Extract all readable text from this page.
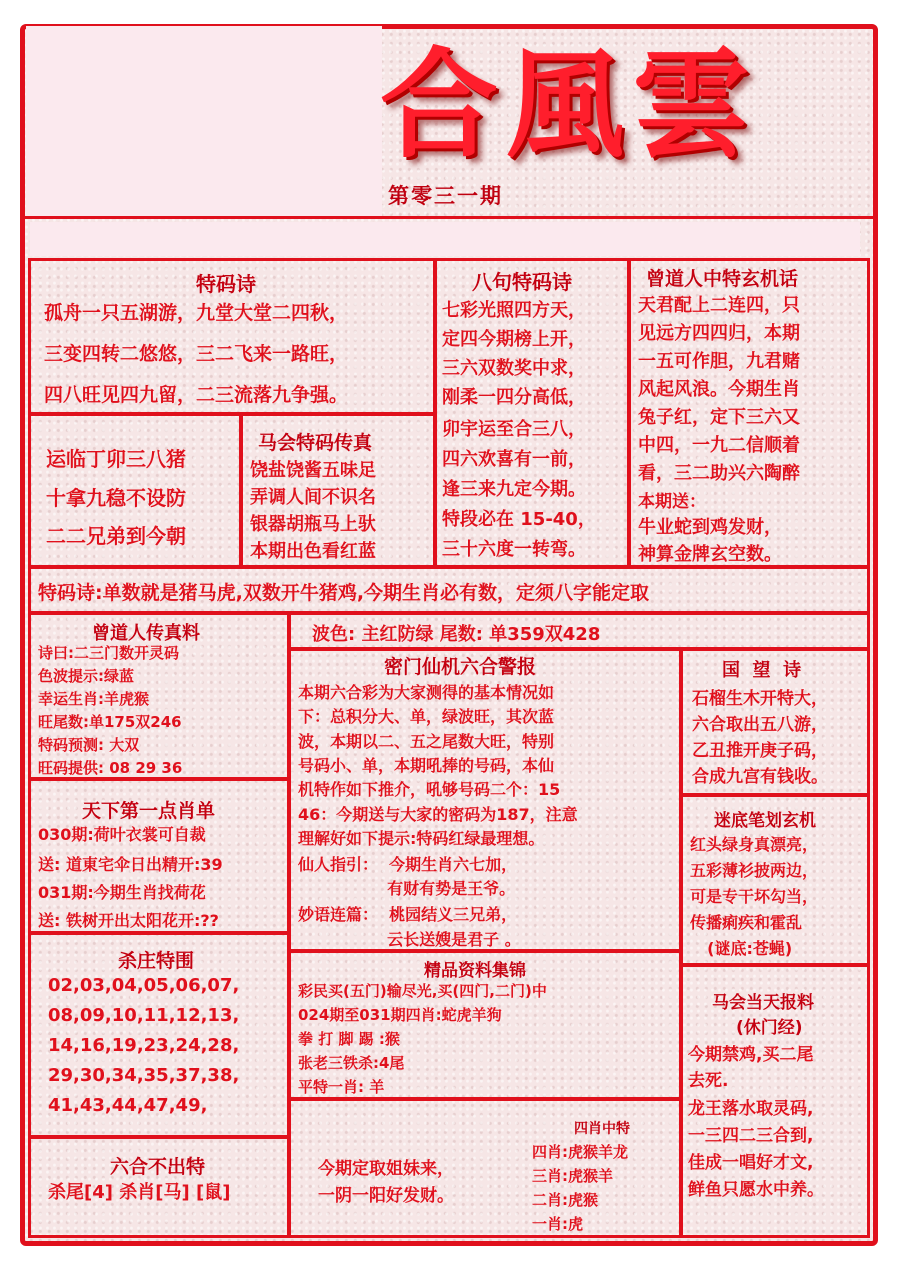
合風雲
第零三一期
特码诗
孤舟一只五湖游，九堂大堂二四秋，
三变四转二悠悠，三二飞来一路旺，
四八旺见四九留，二三流落九争强。
运临丁卯三八猪
十拿九稳不设防
二二兄弟到今朝
马会特码传真
饶盐饶酱五味足
弄调人间不识名
银器胡瓶马上驮
本期出色看红蓝
八句特码诗
七彩光照四方天，
定四今期榜上开，
三六双数奖中求，
刚柔一四分高低，
卯宇运至合三八，
四六欢喜有一前，
逢三来九定今期。
特段必在 15-40，
三十六度一转弯。
曾道人中特玄机话
天君配上二连四，只
见远方四四归，本期
一五可作胆，九君赌
风起风浪。今期生肖
兔子红，定下三六又
中四，一九二信顺着
看，三二助兴六陶醉
本期送：
牛业蛇到鸡发财，
神算金牌玄空数。
特码诗:单数就是猪马虎,双数开牛猪鸡,今期生肖必有数，定须八字能定取
曾道人传真料
诗曰:二三门数开灵码
色波提示:绿蓝
幸运生肖:羊虎猴
旺尾数:单175双246
特码预测: 大双
旺码提供: 08 29 36
天下第一点肖单
030期:荷叶衣裳可自裁
送: 道東宅伞日出精开:39
031期:今期生肖找荷花
送: 铁树开出太阳花开:??
杀庄特围
02,03,04,05,06,07,
08,09,10,11,12,13,
14,16,19,23,24,28,
29,30,34,35,37,38,
41,43,44,47,49,
六合不出特
杀尾[4] 杀肖[马] [鼠]
波色: 主红防绿 尾数: 单359双428
密门仙机六合警报
本期六合彩为大家测得的基本情况如
下：总积分大、单，绿波旺，其次蓝
波，本期以二、五之尾数大旺，特别
号码小、单，本期吼捧的号码，本仙
机特作如下推介，吼够号码二个：15
46：今期送与大家的密码为187，注意
理解好如下提示:特码红绿最理想。
仙人指引：  今期生肖六七加，
有财有势是王爷。
妙语连篇：  桃园结义三兄弟，
云长送嫂是君子 。
精品资料集锦
彩民买(五门)输尽光,买(四门,二门)中
024期至031期四肖:蛇虎羊狗
拳 打 脚 踢 :猴
张老三铁杀:4尾
平特一肖: 羊
今期定取姐妹来，
一阴一阳好发财。
四肖中特
四肖:虎猴羊龙
三肖:虎猴羊
二肖:虎猴
一肖:虎
国  望  诗
石榴生木开特大，
六合取出五八游，
乙丑推开庚子码，
合成九宫有钱收。
迷底笔划玄机
红头绿身真漂亮，
五彩薄衫披两边，
可是专干坏勾当，
传播痢疾和霍乱
(谜底:苍蝇)
马会当天报料
(休门经)
今期禁鸡,买二尾
去死.
龙王落水取灵码,
一三四二三合到,
佳成一唱好才文,
鲜鱼只愿水中养。
